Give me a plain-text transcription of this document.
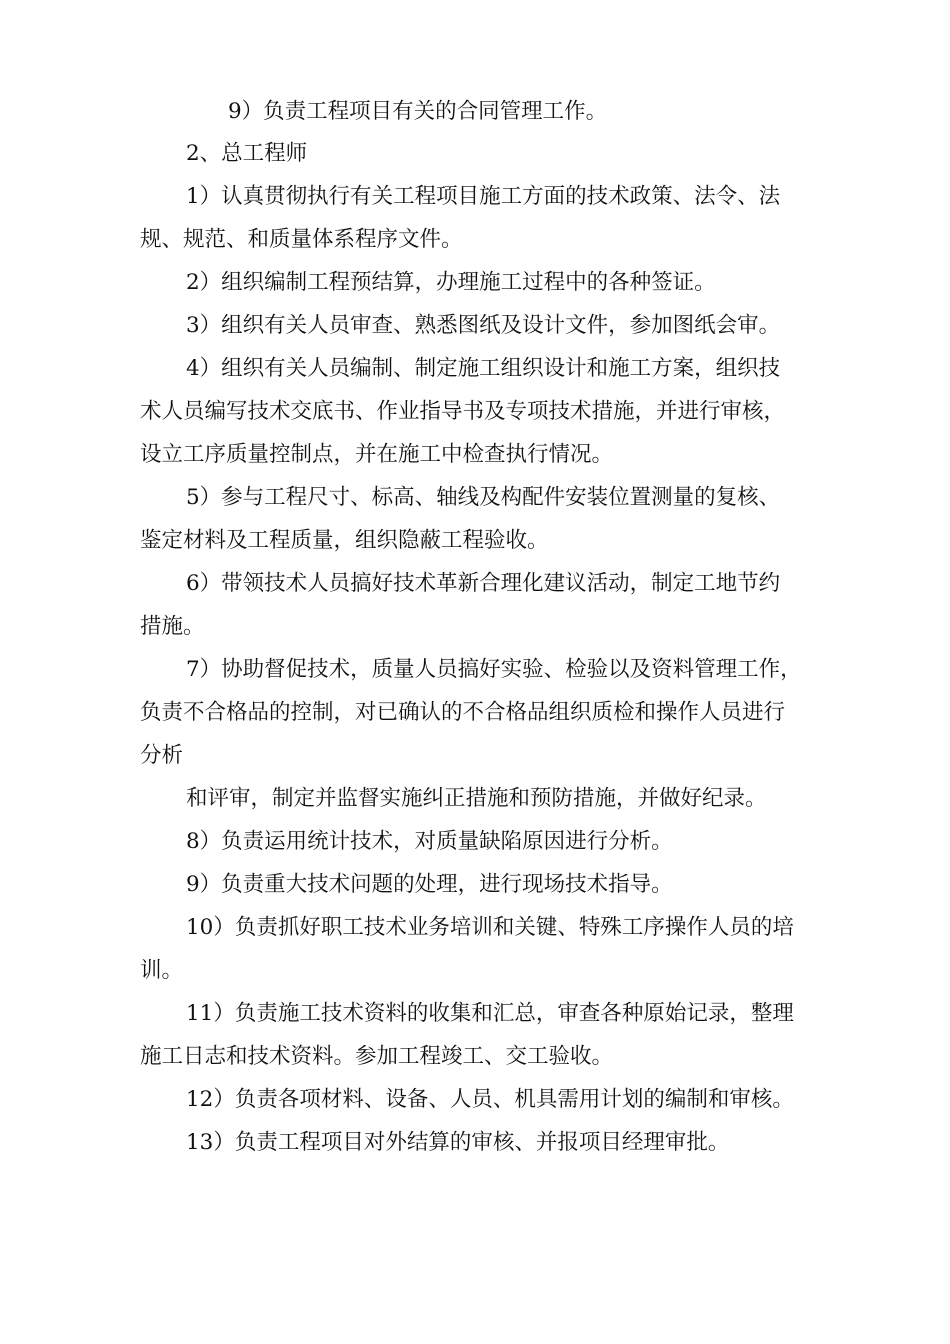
9）负责工程项目有关的合同管理工作。
2、总工程师
1）认真贯彻执行有关工程项目施工方面的技术政策、法令、法
规、规范、和质量体系程序文件。
2）组织编制工程预结算，办理施工过程中的各种签证。
3）组织有关人员审查、熟悉图纸及设计文件，参加图纸会审。
4）组织有关人员编制、制定施工组织设计和施工方案，组织技
术人员编写技术交底书、作业指导书及专项技术措施，并进行审核，
设立工序质量控制点，并在施工中检查执行情况。
5）参与工程尺寸、标高、轴线及构配件安装位置测量的复核、
鉴定材料及工程质量，组织隐蔽工程验收。
6）带领技术人员搞好技术革新合理化建议活动，制定工地节约
措施。
7）协助督促技术，质量人员搞好实验、检验以及资料管理工作，
负责不合格品的控制，对已确认的不合格品组织质检和操作人员进行
分析
和评审，制定并监督实施纠正措施和预防措施，并做好纪录。
8）负责运用统计技术，对质量缺陷原因进行分析。
9）负责重大技术问题的处理，进行现场技术指导。
10）负责抓好职工技术业务培训和关键、特殊工序操作人员的培
训。
11）负责施工技术资料的收集和汇总，审查各种原始记录，整理
施工日志和技术资料。参加工程竣工、交工验收。
12）负责各项材料、设备、人员、机具需用计划的编制和审核。
13）负责工程项目对外结算的审核、并报项目经理审批。
